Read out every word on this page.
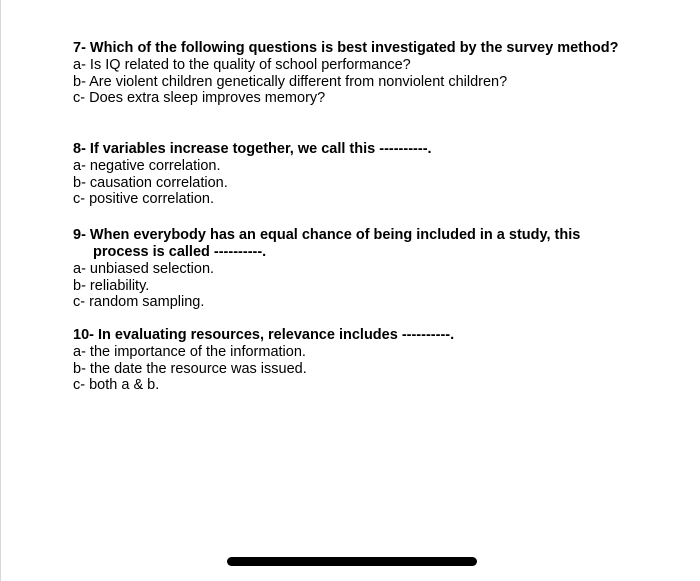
7- Which of the following questions is best investigated by the survey method?

a- Is IQ related to the quality of school performance?

b- Are violent children genetically different from nonviolent children?

c- Does extra sleep improves memory?

8- If variables increase together, we call this ----------.

a- negative correlation.

b- causation correlation.

c- positive correlation.

9- When everybody has an equal chance of being included in a study, this process is called ----------.

a- unbiased selection.

b- reliability.

c- random sampling.

10- In evaluating resources, relevance includes ----------.

a- the importance of the information.

b- the date the resource was issued.

c- both a & b.
